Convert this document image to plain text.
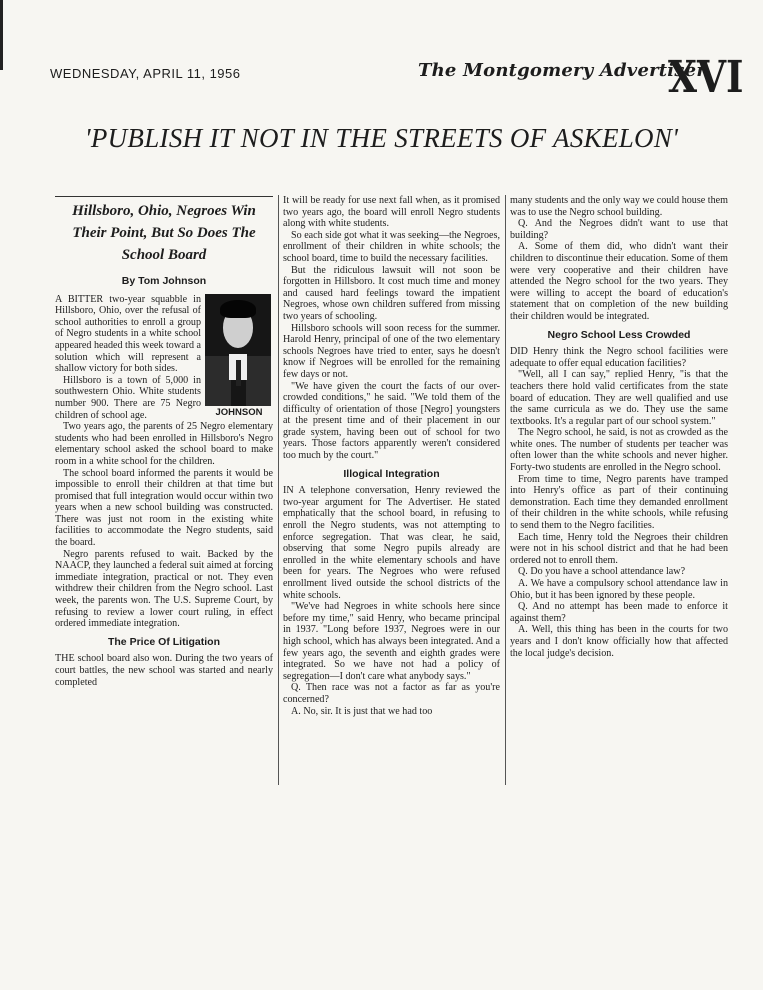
WEDNESDAY, APRIL 11, 1956	The Montgomery Advertiser
XVI
'PUBLISH IT NOT IN THE STREETS OF ASKELON'
Hillsboro, Ohio, Negroes Win Their Point, But So Does The School Board
By Tom Johnson
JOHNSON

A BITTER two-year squabble in Hillsboro, Ohio, over the refusal of school authorities to enroll a group of Negro students in a white school appeared headed this week toward a solution which will represent a shallow victory for both sides.

Hillsboro is a town of 5,000 in southwestern Ohio. White students number 900. There are 75 Negro children of school age.

Two years ago, the parents of 25 Negro elementary students who had been enrolled in Hillsboro's Negro elementary school asked the school board to make room in a white school for the children.

The school board informed the parents it would be impossible to enroll their children at that time but promised that full integration would occur within two years when a new school building was constructed. There was just not room in the existing white facilities to accommodate the Negro students, said the board.

Negro parents refused to wait. Backed by the NAACP, they launched a federal suit aimed at forcing immediate integration, practical or not. They even withdrew their children from the Negro school. Last week, the parents won. The U.S. Supreme Court, by refusing to review a lower court ruling, in effect ordered immediate integration.

The Price Of Litigation

THE school board also won. During the two years of court battles, the new school was started and nearly completed

It will be ready for use next fall when, as it promised two years ago, the board will enroll Negro students along with white students.

So each side got what it was seeking—the Negroes, enrollment of their children in white schools; the school board, time to build the necessary facilities.

But the ridiculous lawsuit will not soon be forgotten in Hillsboro. It cost much time and money and caused hard feelings toward the impatient Negroes, whose own children suffered from missing two years of schooling.

Hillsboro schools will soon recess for the summer. Harold Henry, principal of one of the two elementary schools Negroes have tried to enter, says he doesn't know if Negroes will be enrolled for the remaining few days or not.

"We have given the court the facts of our over-crowded conditions," he said. "We told them of the difficulty of orientation of those [Negro] youngsters at the present time and of their placement in our grade system, having been out of school for two years. Those factors apparently weren't considered too much by the court."

Illogical Integration

IN A telephone conversation, Henry reviewed the two-year argument for The Advertiser. He stated emphatically that the school board, in refusing to enroll the Negro students, was not attempting to enforce segregation. That was clear, he said, observing that some Negro pupils already are enrolled in the white elementary schools and have been for years. The Negroes who were refused enrollment lived outside the school districts of the white schools.

"We've had Negroes in white schools here since before my time," said Henry, who became principal in 1937. "Long before 1937, Negroes were in our high school, which has always been integrated. And a few years ago, the seventh and eighth grades were integrated. So we have not had a policy of segregation—I don't care what anybody says."

Q. Then race was not a factor as far as you're concerned?

A. No, sir. It is just that we had too

many students and the only way we could house them was to use the Negro school building.

Q. And the Negroes didn't want to use that building?

A. Some of them did, who didn't want their children to discontinue their education. Some of them were very cooperative and their children have attended the Negro school for the two years. They were willing to accept the board of education's statement that on completion of the new building their children would be integrated.

Negro School Less Crowded

DID Henry think the Negro school facilities were adequate to offer equal education facilities?

"Well, all I can say," replied Henry, "is that the teachers there hold valid certificates from the state board of education. They are well qualified and use the same curricula as we do. They use the same textbooks. It's a regular part of our school system."

The Negro school, he said, is not as crowded as the white ones. The number of students per teacher was often lower than the white schools and never higher. Forty-two students are enrolled in the Negro school.

From time to time, Negro parents have tramped into Henry's office as part of their continuing demonstration. Each time they demanded enrollment of their children in the white schools, while refusing to send them to the Negro facilities.

Each time, Henry told the Negroes their children were not in his school district and that he had been ordered not to enroll them.

Q. Do you have a school attendance law?

A. We have a compulsory school attendance law in Ohio, but it has been ignored by these people.

Q. And no attempt has been made to enforce it against them?

A. Well, this thing has been in the courts for two years and I don't know officially how that affected the local judge's decision.
